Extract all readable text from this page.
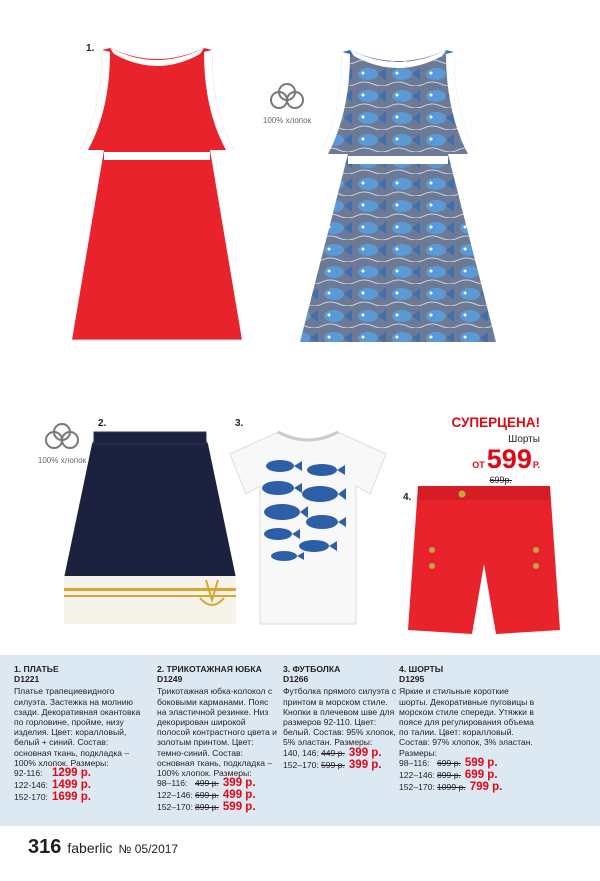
1.
2.	3.
4.
100% хлопок
100% хлопок
СУПЕРЦЕНА!
Шорты
ОТ 599 Р.
699р.
1. ПЛАТЬЕ
D1221
Платье трапециевидного силуэта. Застежка на молнию сзади. Декоративная окантовка по горловине, пройме, низу изделия. Цвет: коралловый, белый + синий. Состав: основная ткань, подкладка – 100% хлопок. Размеры:
92-116: 1299 р.
122-146: 1499 р.
152-170: 1699 р.
2. ТРИКОТАЖНАЯ ЮБКА
D1249
Трикотажная юбка-колокол с боковыми карманами. Пояс на эластичной резинке. Низ декорирован широкой полосой контрастного цвета и золотым принтом. Цвет: темно-синий. Состав: основная ткань, подкладка – 100% хлопок. Размеры:
98–116: 499 р. 399 р.
122–146: 699 р. 499 р.
152–170: 899 р. 599 р.
3. ФУТБОЛКА
D1266
Футболка прямого силуэта с принтом в морском стиле. Кнопки в плечевом шве для размеров 92-110. Цвет: белый. Состав: 95% хлопок, 5% эластан. Размеры:
140, 146: 449 р. 399 р.
152–170: 599 р. 399 р.
4. ШОРТЫ
D1295
Яркие и стильные короткие шорты. Декоративные пуговицы в морском стиле спереди. Утяжки в поясе для регулирования объема по талии. Цвет: коралловый. Состав: 97% хлопок, 3% эластан. Размеры:
98–116: 699 р. 599 р.
122–146: 899 р. 699 р.
152–170: 1099 р. 799 р.
316 faberlic № 05/2017
